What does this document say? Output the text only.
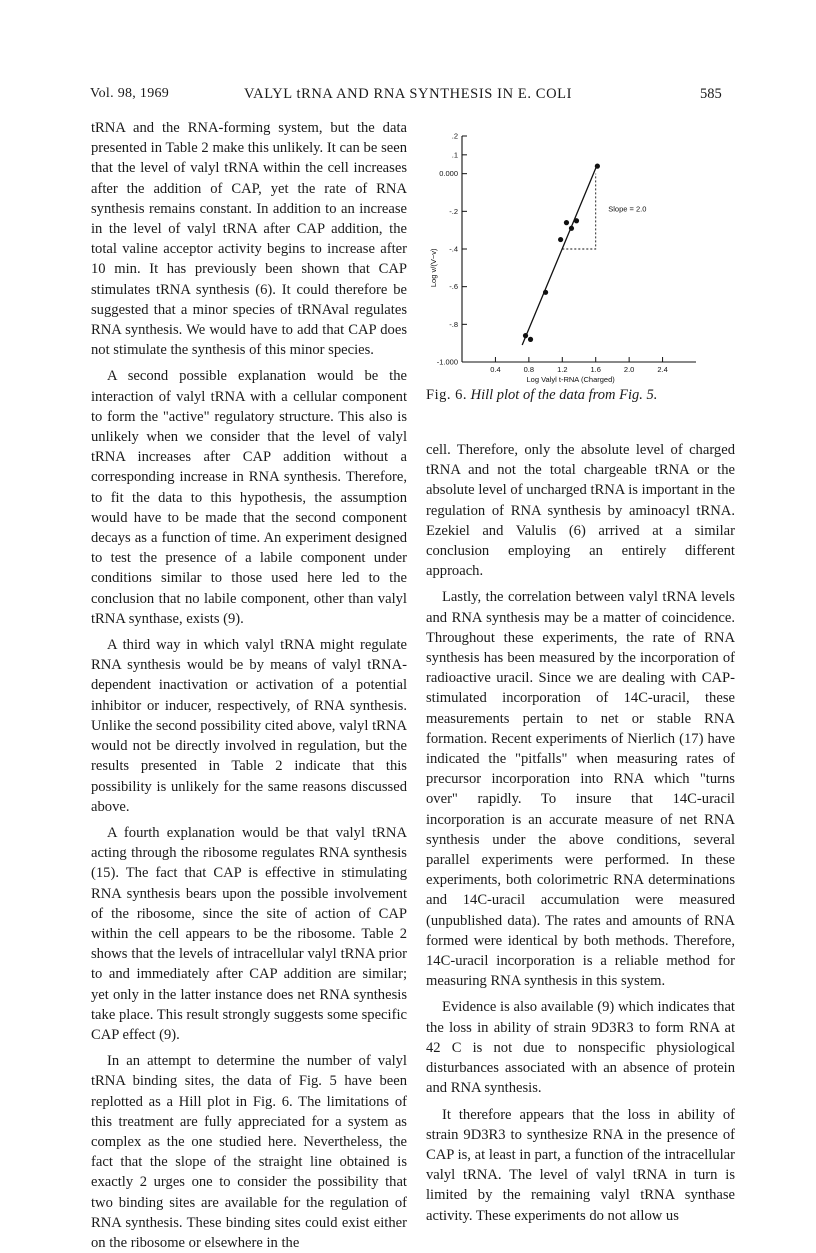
Vol. 98, 1969	VALYL tRNA AND RNA SYNTHESIS IN E. COLI	585

tRNA and the RNA-forming system, but the data presented in Table 2 make this unlikely. It can be seen that the level of valyl tRNA within the cell increases after the addition of CAP, yet the rate of RNA synthesis remains constant. In addition to an increase in the level of valyl tRNA after CAP addition, the total valine acceptor activity begins to increase after 10 min. It has previously been shown that CAP stimulates tRNA synthesis (6). It could therefore be suggested that a minor species of tRNAval regulates RNA synthesis. We would have to add that CAP does not stimulate the synthesis of this minor species.

A second possible explanation would be the interaction of valyl tRNA with a cellular component to form the "active" regulatory structure. This also is unlikely when we consider that the level of valyl tRNA increases after CAP addition without a corresponding increase in RNA synthesis. Therefore, to fit the data to this hypothesis, the assumption would have to be made that the second component decays as a function of time. An experiment designed to test the presence of a labile component under conditions similar to those used here led to the conclusion that no labile component, other than valyl tRNA synthase, exists (9).

A third way in which valyl tRNA might regulate RNA synthesis would be by means of valyl tRNA-dependent inactivation or activation of a potential inhibitor or inducer, respectively, of RNA synthesis. Unlike the second possibility cited above, valyl tRNA would not be directly involved in regulation, but the results presented in Table 2 indicate that this possibility is unlikely for the same reasons discussed above.

A fourth explanation would be that valyl tRNA acting through the ribosome regulates RNA synthesis (15). The fact that CAP is effective in stimulating RNA synthesis bears upon the possible involvement of the ribosome, since the site of action of CAP within the cell appears to be the ribosome. Table 2 shows that the levels of intracellular valyl tRNA prior to and immediately after CAP addition are similar; yet only in the latter instance does net RNA synthesis take place. This result strongly suggests some specific CAP effect (9).

In an attempt to determine the number of valyl tRNA binding sites, the data of Fig. 5 have been replotted as a Hill plot in Fig. 6. The limitations of this treatment are fully appreciated for a system as complex as the one studied here. Nevertheless, the fact that the slope of the straight line obtained is exactly 2 urges one to consider the possibility that two binding sites are available for the regulation of RNA synthesis. These binding sites could exist either on the ribosome or elsewhere in the

.2
.1
0.000
-.2
-.4
-.6
-.8
-1.000
0.4	0.8	1.2	1.6	2.0	2.4
Log Valyl t-RNA (Charged)
Log v/(V−v)
Slope = 2.0
Fig. 6. Hill plot of the data from Fig. 5.

cell. Therefore, only the absolute level of charged tRNA and not the total chargeable tRNA or the absolute level of uncharged tRNA is important in the regulation of RNA synthesis by aminoacyl tRNA. Ezekiel and Valulis (6) arrived at a similar conclusion employing an entirely different approach.

Lastly, the correlation between valyl tRNA levels and RNA synthesis may be a matter of coincidence. Throughout these experiments, the rate of RNA synthesis has been measured by the incorporation of radioactive uracil. Since we are dealing with CAP-stimulated incorporation of 14C-uracil, these measurements pertain to net or stable RNA formation. Recent experiments of Nierlich (17) have indicated the "pitfalls" when measuring rates of precursor incorporation into RNA which "turns over" rapidly. To insure that 14C-uracil incorporation is an accurate measure of net RNA synthesis under the above conditions, several parallel experiments were performed. In these experiments, both colorimetric RNA determinations and 14C-uracil accumulation were measured (unpublished data). The rates and amounts of RNA formed were identical by both methods. Therefore, 14C-uracil incorporation is a reliable method for measuring RNA synthesis in this system.

Evidence is also available (9) which indicates that the loss in ability of strain 9D3R3 to form RNA at 42 C is not due to nonspecific physiological disturbances associated with an absence of protein and RNA synthesis.

It therefore appears that the loss in ability of strain 9D3R3 to synthesize RNA in the presence of CAP is, at least in part, a function of the intracellular valyl tRNA. The level of valyl tRNA in turn is limited by the remaining valyl tRNA synthase activity. These experiments do not allow us
